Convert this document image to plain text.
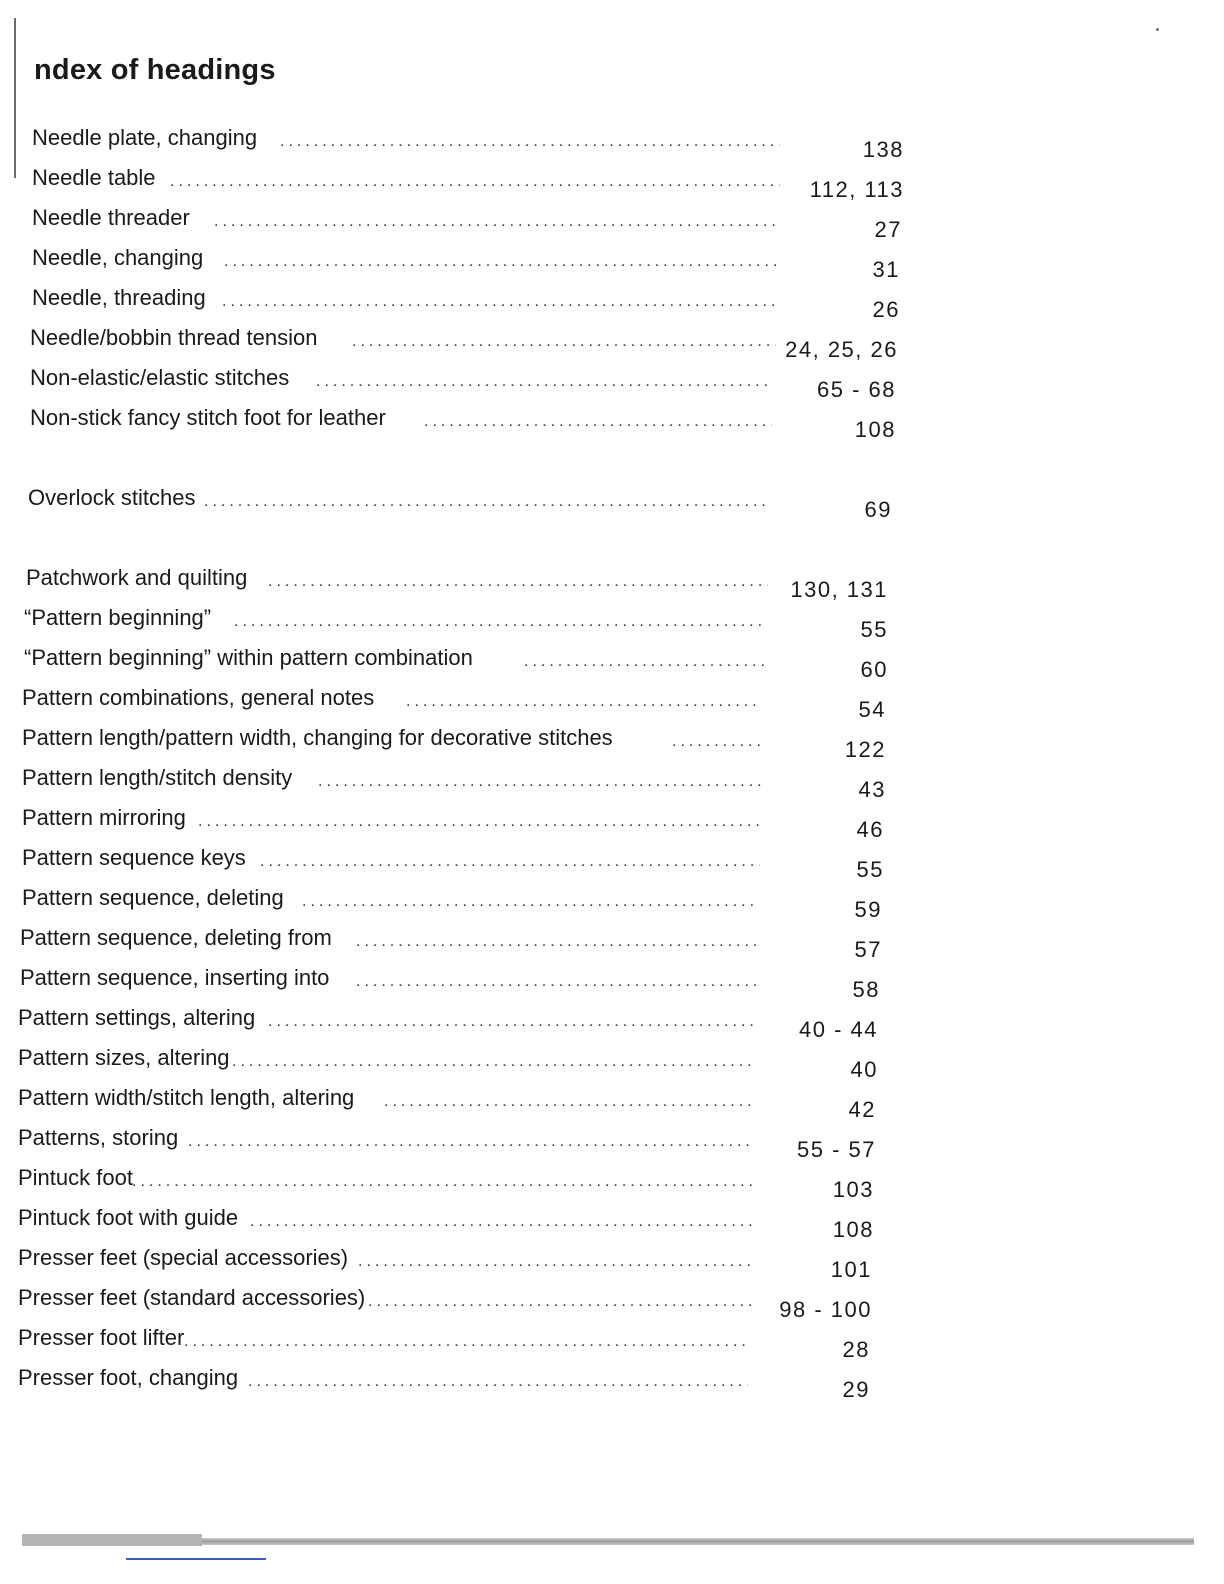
ndex of headings
Needle plate, changing .....	138
Needle table .....	112, 113
Needle threader .....	27
Needle, changing .....	31
Needle, threading .....	26
Needle/bobbin thread tension .....	24, 25, 26
Non-elastic/elastic stitches .....	65 - 68
Non-stick fancy stitch foot for leather .....	108
Overlock stitches .....	69
Patchwork and quilting .....	130, 131
“Pattern beginning” .....	55
“Pattern beginning” within pattern combination .....	60
Pattern combinations, general notes .....	54
Pattern length/pattern width, changing for decorative stitches .....	122
Pattern length/stitch density .....	43
Pattern mirroring .....	46
Pattern sequence keys .....	55
Pattern sequence, deleting .....	59
Pattern sequence, deleting from .....	57
Pattern sequence, inserting into .....	58
Pattern settings, altering .....	40 - 44
Pattern sizes, altering .....	40
Pattern width/stitch length, altering .....	42
Patterns, storing .....	55 - 57
Pintuck foot .....	103
Pintuck foot with guide .....	108
Presser feet (special accessories) .....	101
Presser feet (standard accessories) .....	98 - 100
Presser foot lifter .....	28
Presser foot, changing .....	29
